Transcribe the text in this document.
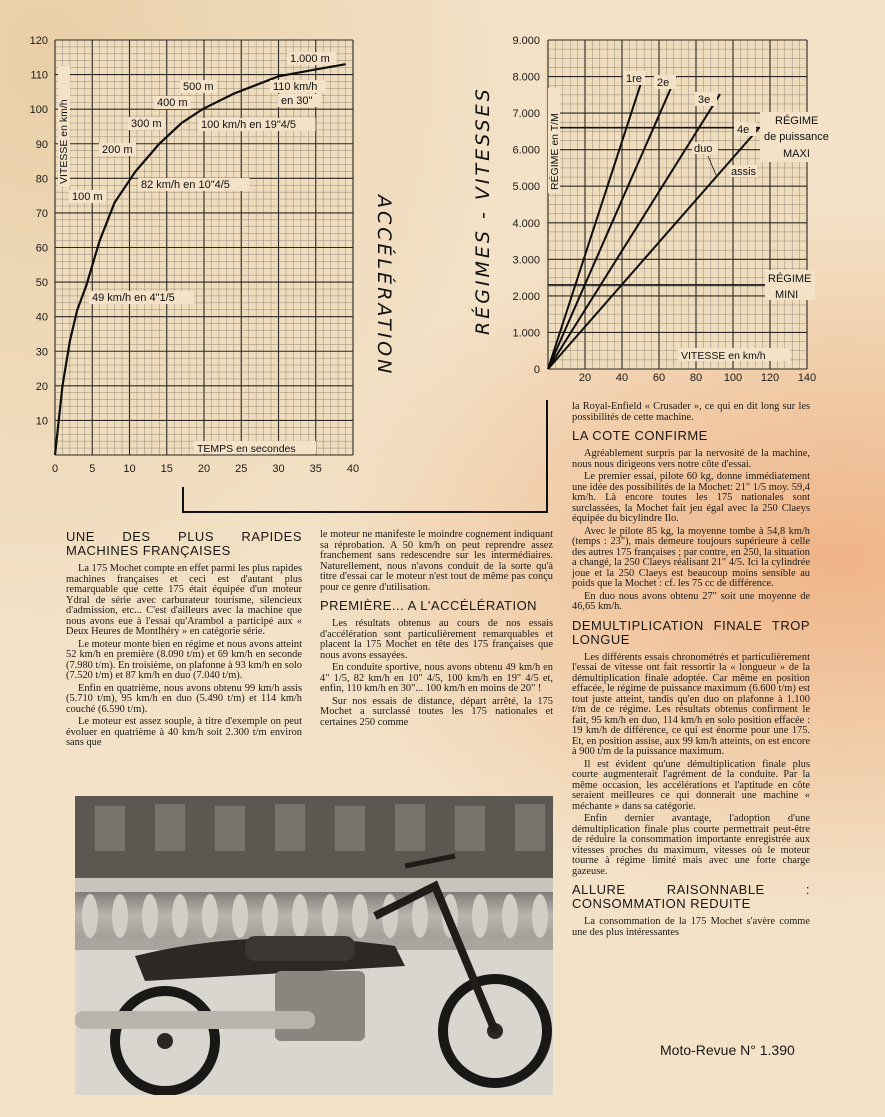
120
110
100
90
80
70
60
50
40
30
20
10
0	5	10 15 20 25 30 35 40
100 m
200 m
300 m
400 m
500 m
1.000 m
49 km/h en 4"1/5
82 km/h en 10"4/5
100 km/h en 19"4/5
110 km/h
en 30"
VITESSE en km/h
TEMPS en secondes
ACCÉLÉRATION	RÉGIMES - VITESSES
9.000
8.000
7.000
6.000
5.000
4.000
3.000
2.000
1.000
0
20 40 60 80 100 120 140
1re 2e
3e
4e
duo
assis
RÉGIME
de puissance
MAXI
RÉGIME
MINI
RÉGIME en T/M
VITESSE en km/h
UNE DES PLUS RAPIDES MACHINES FRANÇAISES

La 175 Mochet compte en effet parmi les plus rapides machines françaises et ceci est d'autant plus remarquable que cette 175 était équipée d'un moteur Ydral de série avec carburateur tourisme, silencieux d'admission, etc... C'est d'ailleurs avec la machine que nous avons eue à l'essai qu'Arambol a participé aux « Deux Heures de Montlhéry » en catégorie série.

Le moteur monte bien en régime et nous avons atteint 52 km/h en première (8.090 t/m) et 69 km/h en seconde (7.980 t/m). En troisième, on plafonne à 93 km/h en solo (7.520 t/m) et 87 km/h en duo (7.040 t/m).

Enfin en quatrième, nous avons obtenu 99 km/h assis (5.710 t/m), 95 km/h en duo (5.490 t/m) et 114 km/h couché (6.590 t/m).

Le moteur est assez souple, à titre d'exemple on peut évoluer en quatrième à 40 km/h soit 2.300 t/m environ sans que

le moteur ne manifeste le moindre cognement indiquant sa réprobation. A 50 km/h on peut reprendre assez franchement sans redescendre sur les intermédiaires. Naturellement, nous n'avons conduit de la sorte qu'à titre d'essai car le moteur n'est tout de même pas conçu pour ce genre d'utilisation.

PREMIÈRE... A L'ACCÉLÉRATION

Les résultats obtenus au cours de nos essais d'accélération sont particulièrement remarquables et placent la 175 Mochet en tête des 175 françaises que nous avons essayées.

En conduite sportive, nous avons obtenu 49 km/h en 4" 1/5, 82 km/h en 10" 4/5, 100 km/h en 19" 4/5 et, enfin, 110 km/h en 30"... 100 km/h en moins de 20" !

Sur nos essais de distance, départ arrêté, la 175 Mochet a surclassé toutes les 175 nationales et certaines 250 comme

la Royal-Enfield « Crusader », ce qui en dit long sur les possibilités de cette machine.

LA COTE CONFIRME

Agréablement surpris par la nervosité de la machine, nous nous dirigeons vers notre côte d'essai.

Le premier essai, pilote 60 kg, donne immédiatement une idée des possibilités de la Mochet: 21" 1/5 moy. 59,4 km/h. Là encore toutes les 175 nationales sont surclassées, la Mochet fait jeu égal avec la 250 Claeys équipée du bicylindre Ilo.

Avec le pilote 85 kg, la moyenne tombe à 54,8 km/h (temps : 23"), mais demeure toujours supérieure à celle des autres 175 françaises ; par contre, en 250, la situation a changé, la 250 Claeys réalisant 21" 4/5. Ici la cylindrée joue et la 250 Claeys est beaucoup moins sensible au poids que la Mochet : cf. les 75 cc de différence.

En duo nous avons obtenu 27" soit une moyenne de 46,65 km/h.

DEMULTIPLICATION FINALE TROP LONGUE

Les différents essais chronométrés et particulièrement l'essai de vitesse ont fait ressortir la « longueur » de la démultiplication finale adoptée. Car même en position effacée, le régime de puissance maximum (6.600 t/m) est tout juste atteint, tandis qu'en duo on plafonne à 1.100 t/m de ce régime. Les résultats obtenus confirment le fait, 95 km/h en duo, 114 km/h en solo position effacée : 19 km/h de différence, ce qui est énorme pour une 175. Et, en position assise, aux 99 km/h atteints, on est encore à 900 t/m de la puissance maximum.

Il est évident qu'une démultiplication finale plus courte augmenterait l'agrément de la conduite. Par la même occasion, les accélérations et l'aptitude en côte seraient meilleures ce qui donnerait une machine « méchante » dans sa catégorie.

Enfin dernier avantage, l'adoption d'une démultiplication finale plus courte permettrait peut-être de réduire la consommation importante enregistrée aux vitesses proches du maximum, vitesses où le moteur tourne à régime limité mais avec une forte charge gazeuse.

ALLURE RAISONNABLE : CONSOMMATION REDUITE

La consommation de la 175 Mochet s'avère comme une des plus intéressantes

Moto-Revue N° 1.390
